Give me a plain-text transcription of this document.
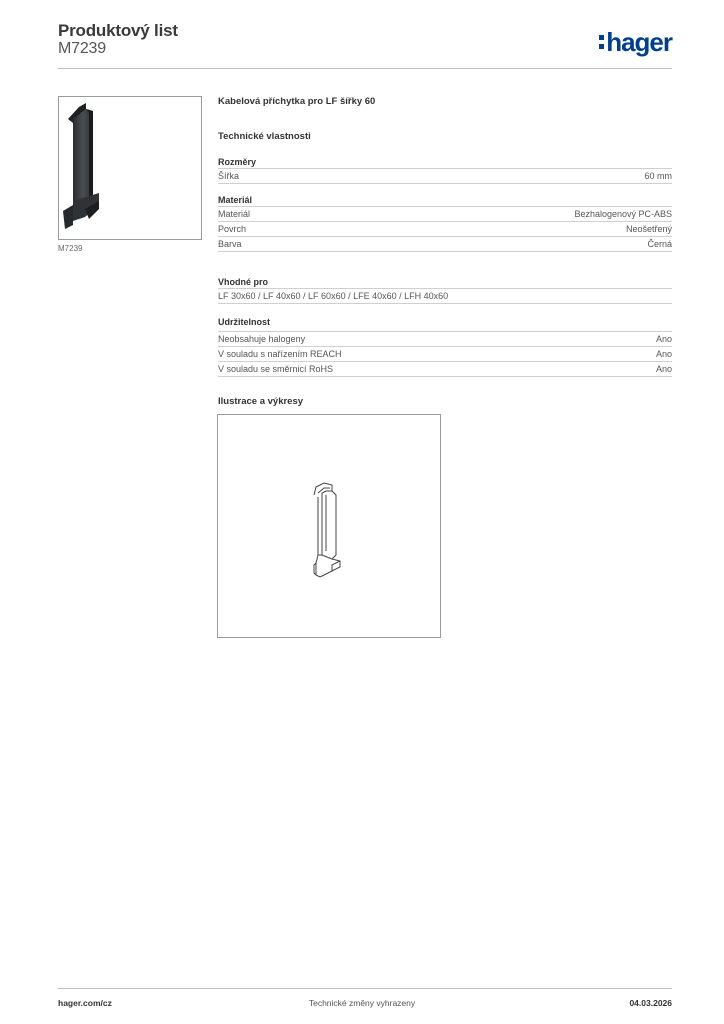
Produktový list
M7239	hager
M7239
Kabelová příchytka pro LF šířky 60
Technické vlastnosti
Rozměry
Šířka	60 mm
Materiál
Materiál	Bezhalogenový PC-ABS
Povrch	Neošetřený
Barva	Černá
Vhodné pro
LF 30x60 / LF 40x60 / LF 60x60 / LFE 40x60 / LFH 40x60
Udržitelnost
Neobsahuje halogeny	Ano
V souladu s nařízením REACH	Ano
V souladu se směrnicí RoHS	Ano
Ilustrace a výkresy
hager.com/cz	Technické změny vyhrazeny	04.03.2026
